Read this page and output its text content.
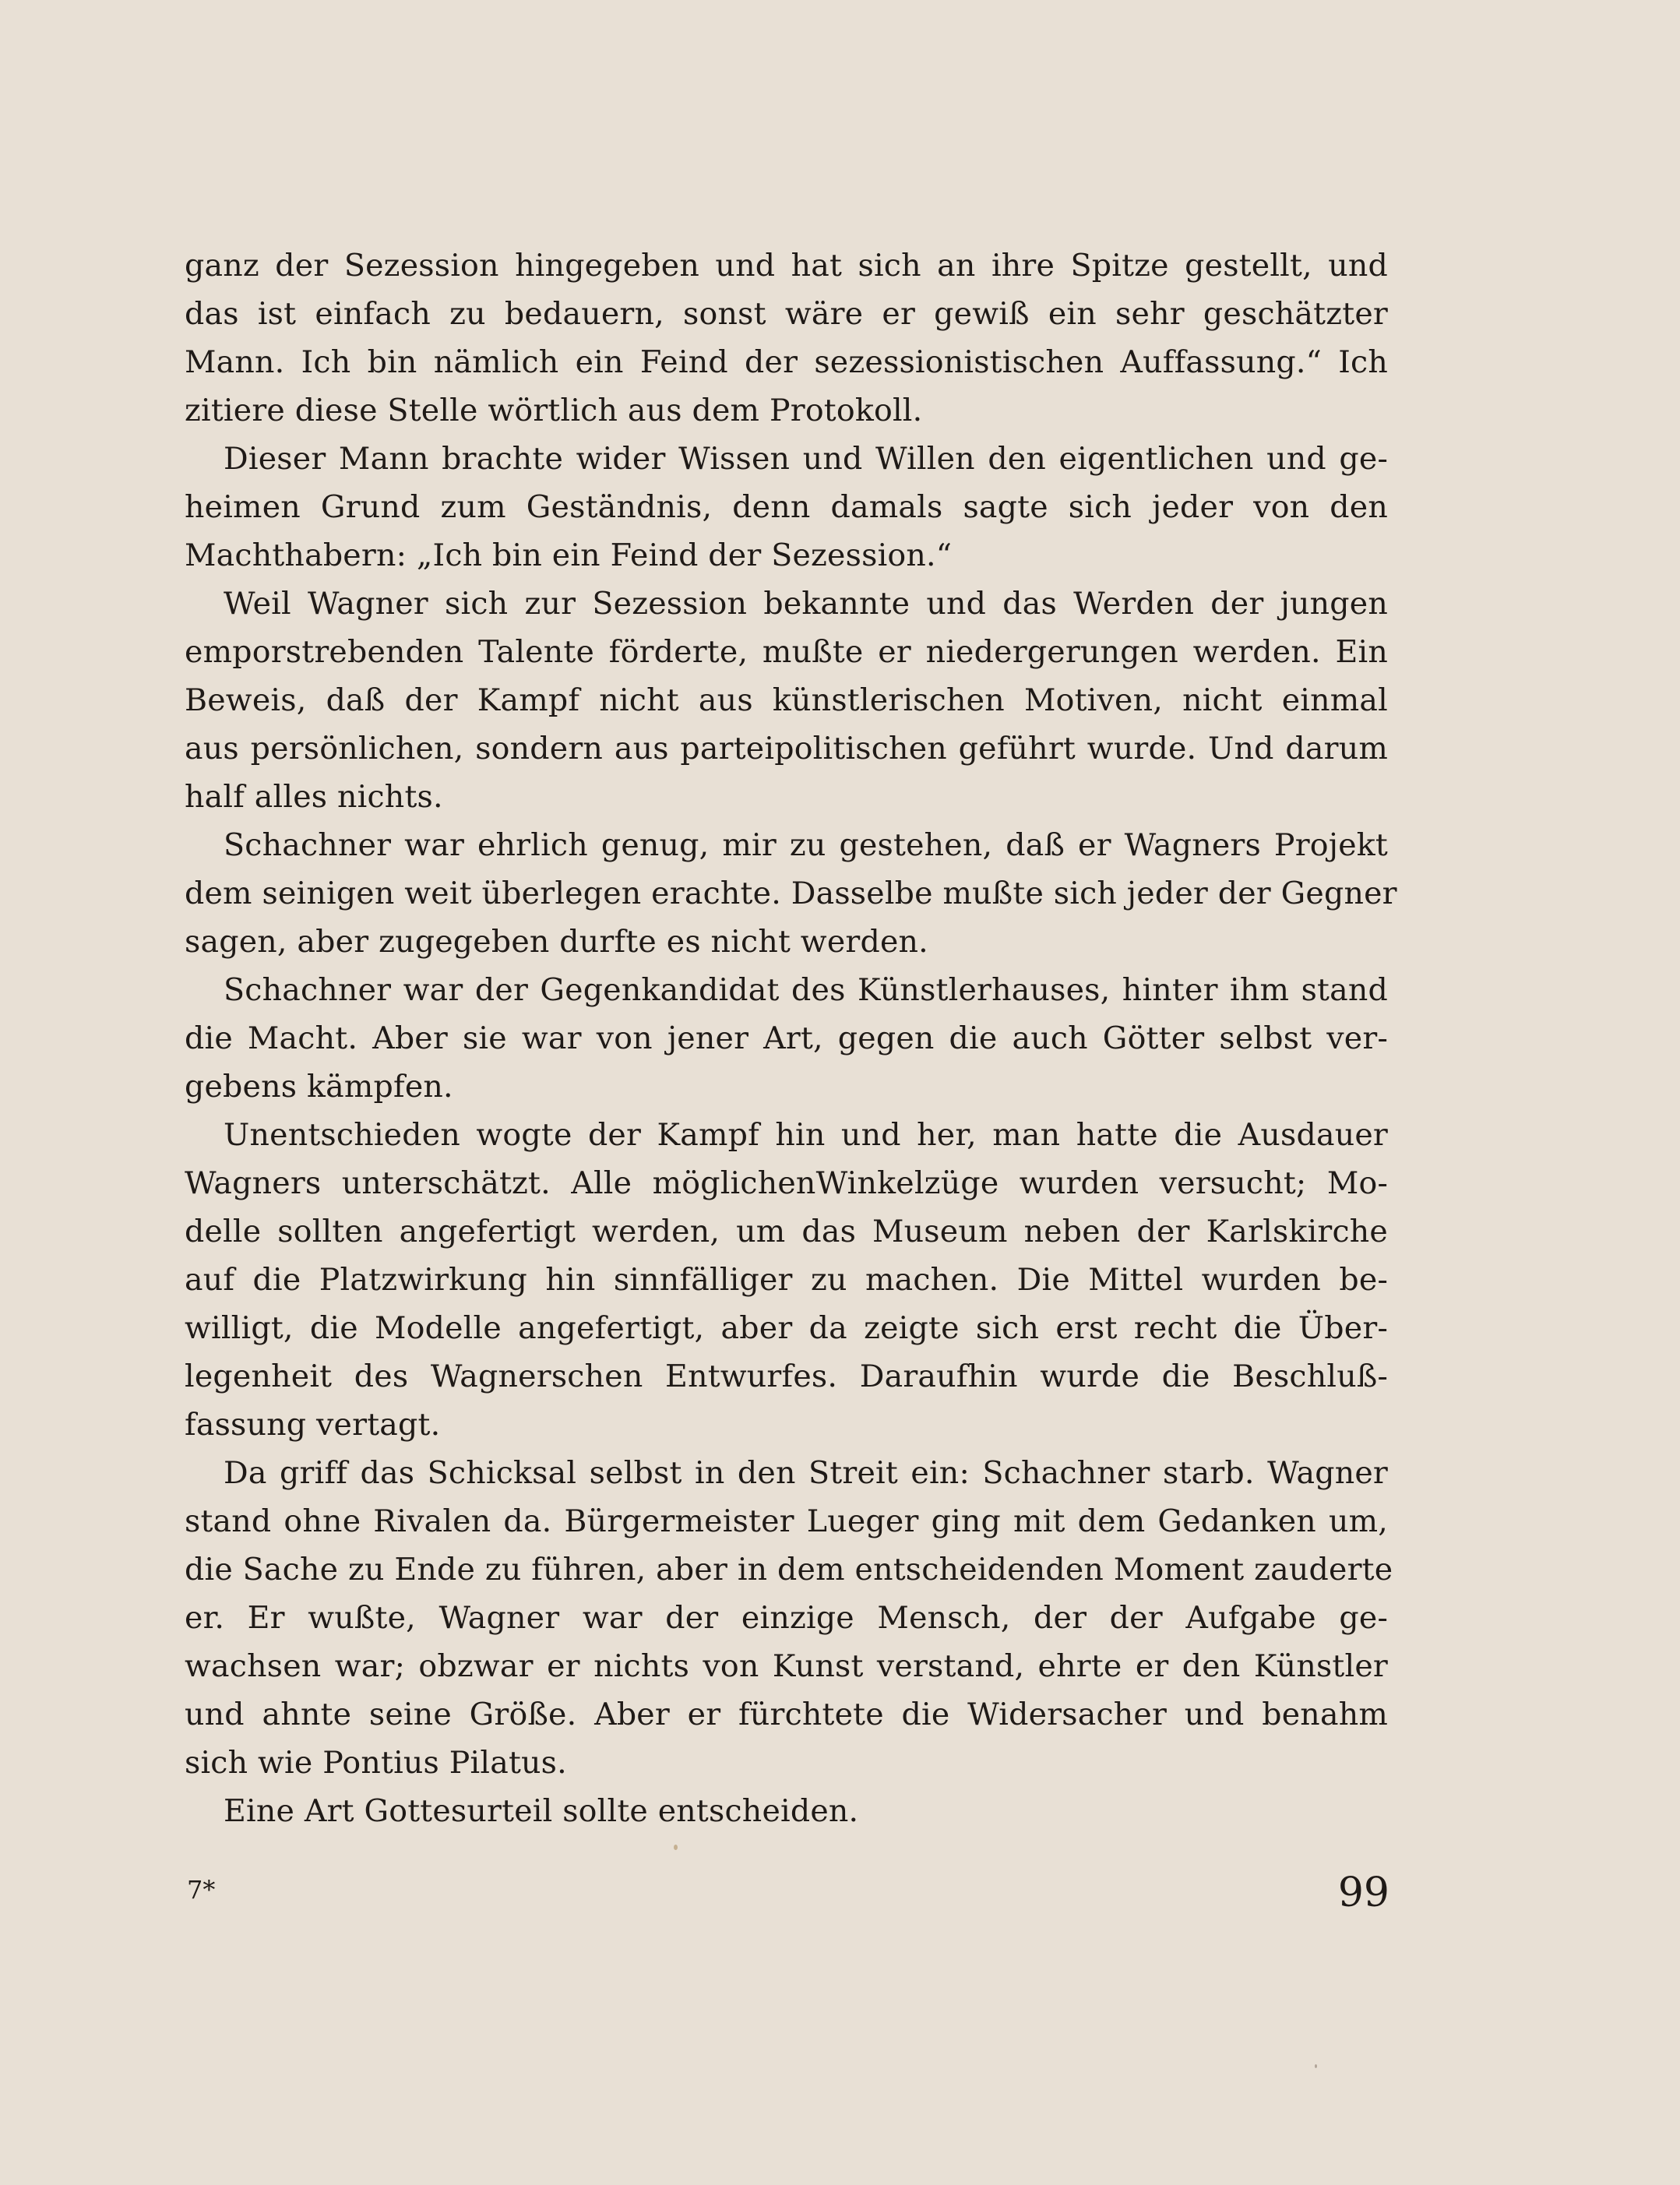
ganz der Sezession hingegeben und hat sich an ihre Spitze gestellt, und
das ist einfach zu bedauern, sonst wäre er gewiß ein sehr geschätzter
Mann. Ich bin nämlich ein Feind der sezessionistischen Auffassung.“ Ich
zitiere diese Stelle wörtlich aus dem Protokoll.
Dieser Mann brachte wider Wissen und Willen den eigentlichen und ge-
heimen Grund zum Geständnis, denn damals sagte sich jeder von den
Machthabern: „Ich bin ein Feind der Sezession.“
Weil Wagner sich zur Sezession bekannte und das Werden der jungen
emporstrebenden Talente förderte, mußte er niedergerungen werden. Ein
Beweis, daß der Kampf nicht aus künstlerischen Motiven, nicht einmal
aus persönlichen, sondern aus parteipolitischen geführt wurde. Und darum
half alles nichts.
Schachner war ehrlich genug, mir zu gestehen, daß er Wagners Projekt
dem seinigen weit überlegen erachte. Dasselbe mußte sich jeder der Gegner
sagen, aber zugegeben durfte es nicht werden.
Schachner war der Gegenkandidat des Künstlerhauses, hinter ihm stand
die Macht. Aber sie war von jener Art, gegen die auch Götter selbst ver-
gebens kämpfen.
Unentschieden wogte der Kampf hin und her, man hatte die Ausdauer
Wagners unterschätzt. Alle möglichenWinkelzüge wurden versucht; Mo-
delle sollten angefertigt werden, um das Museum neben der Karlskirche
auf die Platzwirkung hin sinnfälliger zu machen. Die Mittel wurden be-
willigt, die Modelle angefertigt, aber da zeigte sich erst recht die Über-
legenheit des Wagnerschen Entwurfes. Daraufhin wurde die Beschluß-
fassung vertagt.
Da griff das Schicksal selbst in den Streit ein: Schachner starb. Wagner
stand ohne Rivalen da. Bürgermeister Lueger ging mit dem Gedanken um,
die Sache zu Ende zu führen, aber in dem entscheidenden Moment zauderte
er. Er wußte, Wagner war der einzige Mensch, der der Aufgabe ge-
wachsen war; obzwar er nichts von Kunst verstand, ehrte er den Künstler
und ahnte seine Größe. Aber er fürchtete die Widersacher und benahm
sich wie Pontius Pilatus.
Eine Art Gottesurteil sollte entscheiden.
7*	99
